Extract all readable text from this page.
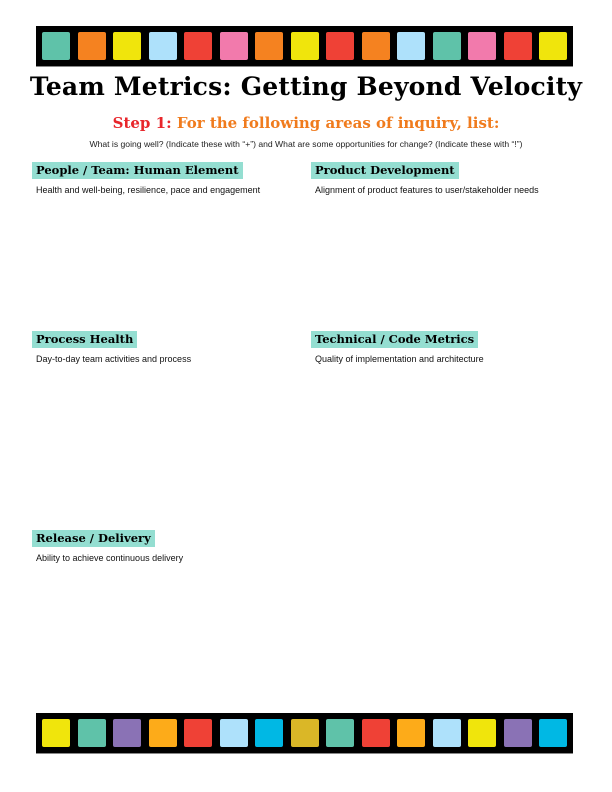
Team Metrics: Getting Beyond Velocity
Step 1: For the following areas of inquiry, list:
What is going well? (Indicate these with “+”) and What are some opportunities for change? (Indicate these with “!”)
People / Team: Human Element
Health and well-being, resilience, pace and engagement
Product Development
Alignment of product features to user/stakeholder needs
Process Health
Day-to-day team activities and process
Technical / Code Metrics
Quality of implementation and architecture
Release / Delivery
Ability to achieve continuous delivery
